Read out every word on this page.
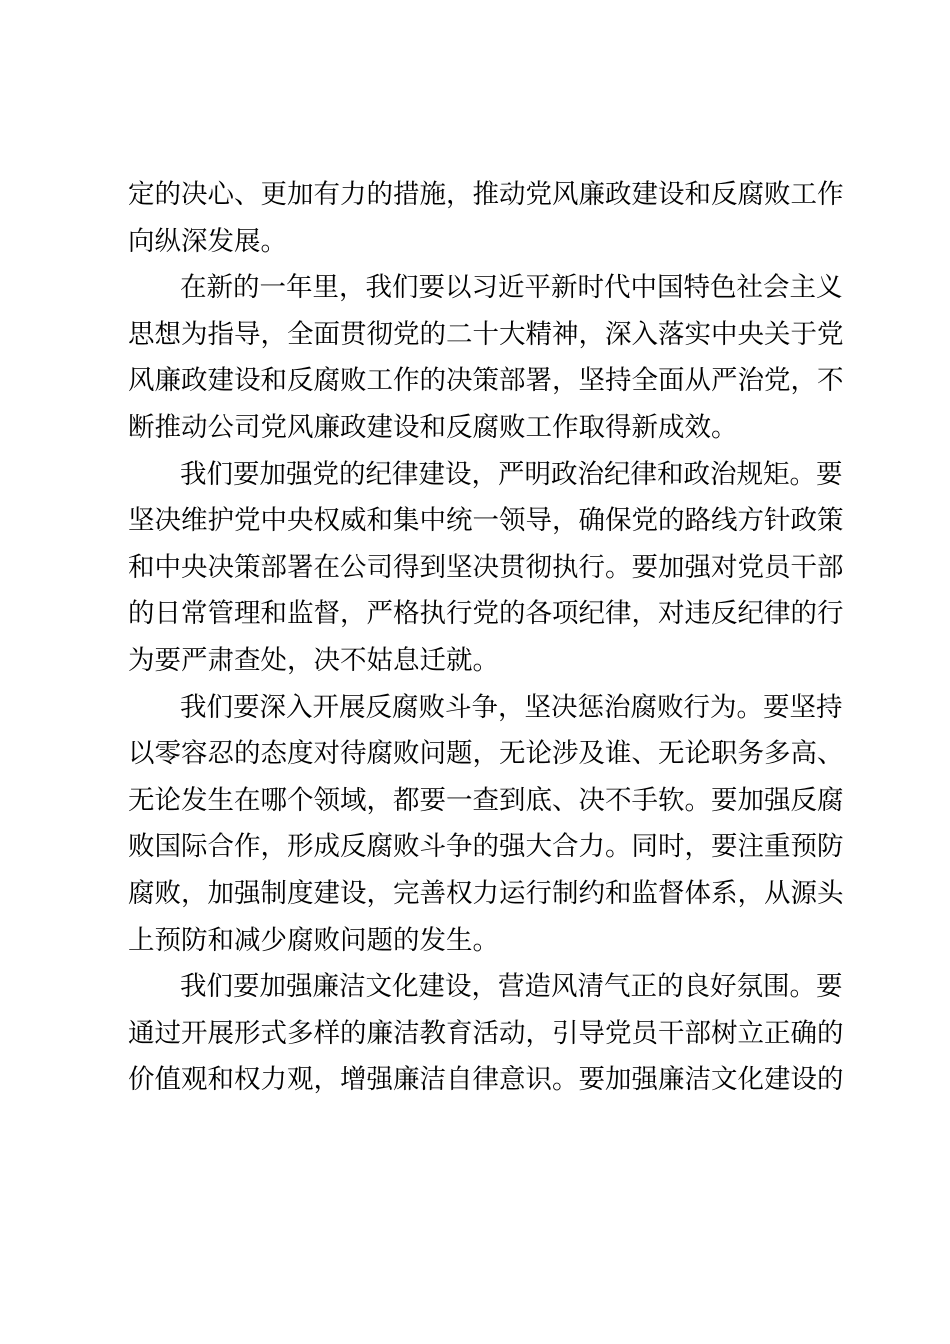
定的决心、更加有力的措施，推动党风廉政建设和反腐败工作
向纵深发展。
在新的一年里，我们要以习近平新时代中国特色社会主义
思想为指导，全面贯彻党的二十大精神，深入落实中央关于党
风廉政建设和反腐败工作的决策部署，坚持全面从严治党，不
断推动公司党风廉政建设和反腐败工作取得新成效。
我们要加强党的纪律建设，严明政治纪律和政治规矩。要
坚决维护党中央权威和集中统一领导，确保党的路线方针政策
和中央决策部署在公司得到坚决贯彻执行。要加强对党员干部
的日常管理和监督，严格执行党的各项纪律，对违反纪律的行
为要严肃查处，决不姑息迁就。
我们要深入开展反腐败斗争，坚决惩治腐败行为。要坚持
以零容忍的态度对待腐败问题，无论涉及谁、无论职务多高、
无论发生在哪个领域，都要一查到底、决不手软。要加强反腐
败国际合作，形成反腐败斗争的强大合力。同时，要注重预防
腐败，加强制度建设，完善权力运行制约和监督体系，从源头
上预防和减少腐败问题的发生。
我们要加强廉洁文化建设，营造风清气正的良好氛围。要
通过开展形式多样的廉洁教育活动，引导党员干部树立正确的
价值观和权力观，增强廉洁自律意识。要加强廉洁文化建设的
